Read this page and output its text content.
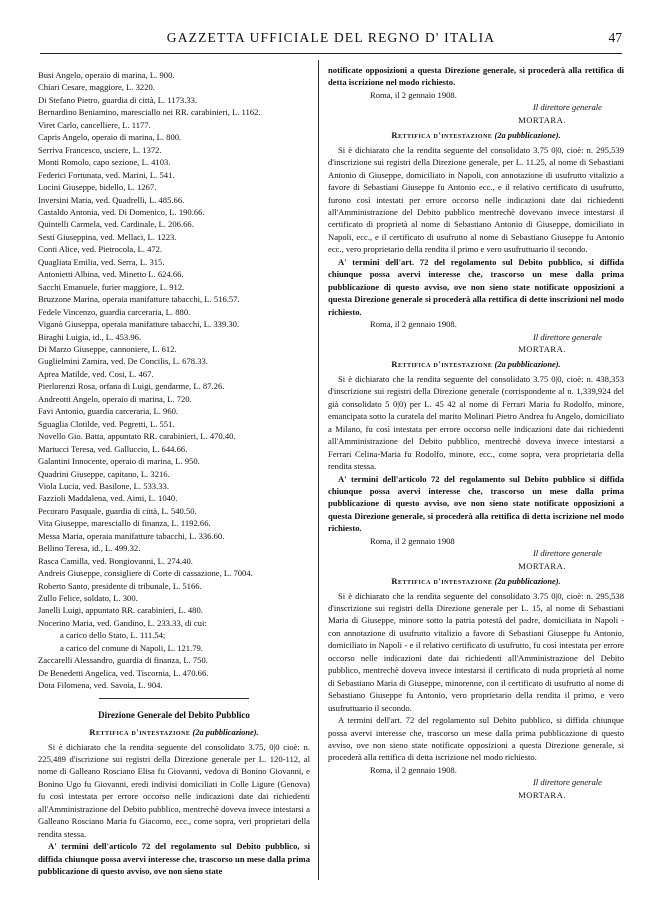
GAZZETTA UFFICIALE DEL REGNO D' ITALIA	47
Busi Angelo, operaio di marina, L. 900.
Chiari Cesare, maggiore, L. 3220.
Di Stefano Pietro, guardia di città, L. 1173.33.
Bernardino Beniamino, maresciallo nei RR. carabinieri, L. 1162.
Viret Carlo, cancelliere, L. 1177.
Capris Angelo, operaio di marina, L. 800.
Serriva Francesco, usciere, L. 1372.
Monti Romolo, capo sezione, L. 4103.
Federici Fortunata, ved. Marini, L. 541.
Locini Giuseppe, bidello, L. 1267.
Inversini Maria, ved. Quadrelli, L. 485.66.
Castaldo Antonia, ved. Di Domenico, L. 190.66.
Quintelli Carmela, ved. Cardinale, L. 206.66.
Sesti Giuseppina, ved. Mellaci, L. 1223.
Conti Alice, ved. Pietrocola, L. 472.
Quagliata Emilia, ved. Serra, L. 315.
Antonietti Albina, ved. Minetto L. 624.66.
Sacchi Emanuele, furier maggiore, L. 912.
Bruzzone Marina, operaia manifatture tabacchi, L. 516.57.
Fedele Vincenzo, guardia carceraria, L. 880.
Viganò Giuseppa, operaia manifatture tabacchi, L. 339.30.
Biraghi Luigia, id., L. 453.96.
Di Marzo Giuseppe, cannoniere, L. 612.
Guglielmini Zamira, ved. De Concilis, L. 678.33.
Aprea Matilde, ved. Cosi, L. 467.
Pierlorenzi Rosa, orfana di Luigi, gendarme, L. 87.26.
Andreotti Angelo, operaio di marina, L. 720.
Favi Antonio, guardia carceraria, L. 960.
Sguaglia Clotilde, ved. Pegretti, L. 551.
Novello Gio. Batta, appuntato RR. carabinieri, L. 470.40.
Martucci Teresa, ved. Galluccio, L. 644.66.
Galantini Innocente, operaio di marina, L. 950.
Quadrini Giuseppe, capitano, L. 3216.
Viola Lucia, ved. Basilone, L. 533.33.
Fazzioli Maddalena, ved. Aimi, L. 1040.
Pecoraro Pasquale, guardia di città, L. 540.50.
Vita Giuseppe, maresciallo di finanza, L. 1192.66.
Messa Maria, operaia manifatture tabacchi, L. 336.60.
Bellino Teresa, id., L. 499.32.
Rasca Camilla, ved. Bongiovanni, L. 274.40.
Andreis Giuseppe, consigliere di Corte di cassazione, L. 7004.
Roberto Santo, presidente di tribunale, L. 5166.
Zullo Felice, soldato, L. 300.
Janelli Luigi, appuntato RR. carabinieri, L. 480.
Nocerino Maria, ved. Gandino, L. 233.33, di cui:
a carico dello Stato, L. 111.54;
a carico del comune di Napoli, L. 121.79.
Zaccarelli Alessandro, guardia di finanza, L. 750.
De Benedetti Angelica, ved. Tiscornia, L. 470.66.
Dota Filomena, ved. Savoia, L. 904.
Direzione Generale del Debito Pubblico
Rettifica d'intestazione (2a pubblicazione).

Si è dichiarato che la rendita seguente del consolidato 3.75, 0|0 cioè: n. 225,489 d'iscrizione sui registri della Direzione generale per L. 120-112, al nome di Galleano Rosciano Elisa fu Giovanni, vedova di Bonino Giovanni, e Bonino Ugo fu Giovanni, eredi indivisi domiciliati in Colle Ligure (Genova) fu così intestata per errore occorso nelle indicazioni date dai richiedenti all'Amministrazione del Debito pubblico, mentrechè doveva invece intestarsi a Galleano Rosciano Maria fu Giacomo, ecc., come sopra, veri proprietari della rendita stessa.

A' termini dell'articolo 72 del regolamento sul Debito pubblico, si diffida chiunque possa avervi interesse che, trascorso un mese dalla prima pubblicazione di questo avviso, ove non sieno state

notificate opposizioni a questa Direzione generale, si procederà alla rettifica di detta iscrizione nel modo richiesto.

Roma, il 2 gennaio 1908.
Il direttore generale
MORTARA.
Rettifica d'intestazione (2a pubblicazione).

Si è dichiarato che la rendita seguente del consolidato 3.75 0|0, cioè: n. 295,539 d'inscrizione sui registri della Direzione generale, per L. 11.25, al nome di Sebastiani Antonio di Giuseppe, domiciliato in Napoli, con annotazione di usufrutto vitalizio a favore di Sebastiani Giuseppe fu Antonio ecc., e il relativo certificato di usufrutto, furono così intestati per errore occorso nelle indicazioni date dai richiedenti all'Amministrazione del Debito pubblico mentrechè dovevano invece intestarsi il certificato di proprietà al nome di Sebastiano Antonio di Giuseppe, domiciliato in Napoli, ecc., e il certificato di usufrutto al nome di Sebastiano Giuseppe fu Antonio ecc., vero proprietario della rendita il primo e vero usufruttuario il secondo.

A' termini dell'art. 72 del regolamento sul Debito pubblico, si diffida chiunque possa avervi interesse che, trascorso un mese dalla prima pubblicazione di questo avviso, ove non sieno state notificate opposizioni a questa Direzione generale si procederà alla rettifica di dette inscrizioni nel modo richiesto.

Roma, il 2 gennaio 1908.
Il direttore generale
MORTARA.
Rettifica d'intestazione (2a pubblicazione).

Si è dichiarato che la rendita seguente del consolidato 3.75 0|0, cioè: n. 438,353 d'inscrizione sui registri della Direzione generale (corrispondente al n. 1,339,924 del già consolidato 5 0|0) per L. 45 42 al nome di Ferrari Maria fu Rodolfo, minore, emancipata sotto la curatela del marito Molinari Pietro Andrea fu Angelo, domiciliato a Milano, fu così intestata per errore occorso nelle indicazioni date dai richiedenti all'Amministrazione del Debito pubblico, mentrechè doveva invece intestarsi a Ferrari Celina-Maria fu Rodolfo, minore, ecc., come sopra, vera proprietaria della rendita stessa.

A' termini dell'articolo 72 del regolamento sul Debito pubblico si diffida chiunque possa avervi interesse che, trascorso un mese dalla prima pubblicazione di questo avviso, ove non sieno state notificate opposizioni a questa Direzione generale, si procederà alla rettifica di detta iscrizione nel modo richiesto.

Roma, il 2 gennaio 1908
Il direttore generale
MORTARA.
Rettifica d'intestazione (2a pubblicazione).

Si è dichiarato che la rendita seguente del consolidato 3.75 0|0, cioè: n. 295,538 d'inscrizione sui registri della Direzione generale per L. 15, al nome di Sebastiani Maria di Giuseppe, minore sotto la patria potestà del padre, domiciliata in Napoli - con annotazione di usufrutto vitalizio a favore di Sebastiani Giuseppe fu Antonio, domiciliato in Napoli - e il relativo certificato di usufrutto, fu così intestata per errore occorso nelle indicazioni date dai richiedenti all'Amministrazione del Debito pubblico, mentrechè doveva invece intestarsi il certificato di nuda proprietà al nome di Sebastiano Maria di Giuseppe, minorenne, con il certificato di usufrutto al nome di Sebastiano Giuseppe fu Antonio, vero proprietario della rendita il primo, e vero usufruttuario il secondo.

A termini dell'art. 72 del regolamento sul Debito pubblico, si diffida chiunque possa avervi interesse che, trascorso un mese dalla prima pubblicazione di questo avviso, ove non sieno state notificate opposizioni a questa Direzione generale, si procederà alla rettifica di detta iscrizione nel modo richiesto.

Roma, il 2 gennaio 1908.
Il direttore generale
MORTARA.
